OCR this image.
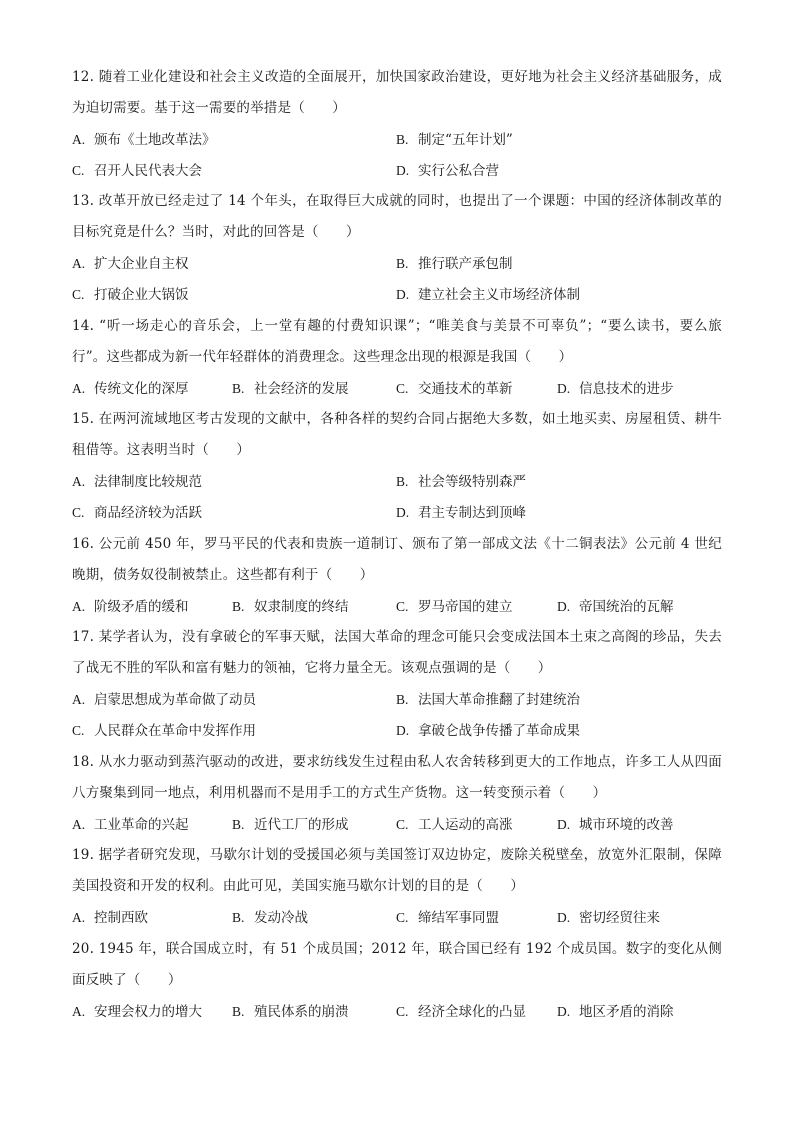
12. 随着工业化建设和社会主义改造的全面展开，加快国家政治建设，更好地为社会主义经济基础服务，成为迫切需要。基于这一需要的举措是（　　）

A. 颁布《土地改革法》	B. 制定“五年计划”
C. 召开人民代表大会	D. 实行公私合营

13. 改革开放已经走过了 14 个年头，在取得巨大成就的同时，也提出了一个课题：中国的经济体制改革的目标究竟是什么？当时，对此的回答是（　　）

A. 扩大企业自主权	B. 推行联产承包制
C. 打破企业大锅饭	D. 建立社会主义市场经济体制

14. “听一场走心的音乐会，上一堂有趣的付费知识课”；“唯美食与美景不可辜负”；“要么读书，要么旅行”。这些都成为新一代年轻群体的消费理念。这些理念出现的根源是我国（　　）

A. 传统文化的深厚	B. 社会经济的发展	C. 交通技术的革新	D. 信息技术的进步

15. 在两河流域地区考古发现的文献中，各种各样的契约合同占据绝大多数，如土地买卖、房屋租赁、耕牛租借等。这表明当时（　　）

A. 法律制度比较规范	B. 社会等级特别森严
C. 商品经济较为活跃	D. 君主专制达到顶峰

16. 公元前 450 年，罗马平民的代表和贵族一道制订、颁布了第一部成文法《十二铜表法》公元前 4 世纪晚期，债务奴役制被禁止。这些都有利于（　　）

A. 阶级矛盾的缓和	B. 奴隶制度的终结	C. 罗马帝国的建立	D. 帝国统治的瓦解

17. 某学者认为，没有拿破仑的军事天赋，法国大革命的理念可能只会变成法国本土束之高阁的珍品，失去了战无不胜的军队和富有魅力的领袖，它将力量全无。该观点强调的是（　　）

A. 启蒙思想成为革命做了动员	B. 法国大革命推翻了封建统治
C. 人民群众在革命中发挥作用	D. 拿破仑战争传播了革命成果

18. 从水力驱动到蒸汽驱动的改进，要求纺线发生过程由私人农舍转移到更大的工作地点，许多工人从四面八方聚集到同一地点，利用机器而不是用手工的方式生产货物。这一转变预示着（　　）

A. 工业革命的兴起	B. 近代工厂的形成	C. 工人运动的高涨	D. 城市环境的改善

19. 据学者研究发现，马歇尔计划的受援国必须与美国签订双边协定，废除关税壁垒，放宽外汇限制，保障美国投资和开发的权利。由此可见，美国实施马歇尔计划的目的是（　　）

A. 控制西欧	B. 发动冷战	C. 缔结军事同盟	D. 密切经贸往来

20. 1945 年，联合国成立时，有 51 个成员国；2012 年，联合国已经有 192 个成员国。数字的变化从侧面反映了（　　）

A. 安理会权力的增大 B. 殖民体系的崩溃	C. 经济全球化的凸显 D. 地区矛盾的消除
